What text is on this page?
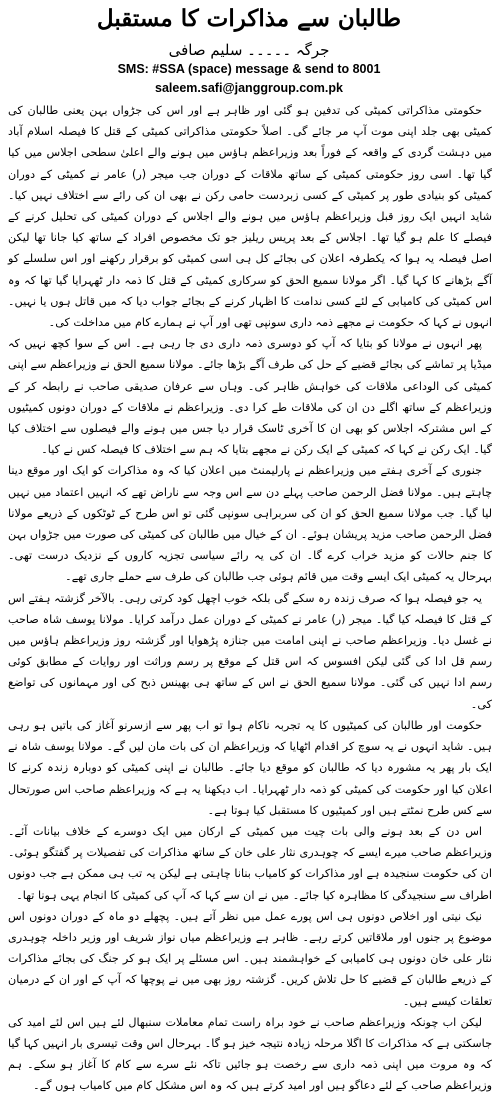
طالبان سے مذاکرات کا مستقبل
جرگہ ۔۔۔۔۔ سلیم صافی
SMS: #SSA (space) message & send to 8001
saleem.safi@janggroup.com.pk

حکومتی مذاکراتی کمیٹی کی تدفین ہو گئی اور ظاہر ہے اور اس کی جڑواں بہن یعنی طالبان کی کمیٹی بھی جلد اپنی موت آپ مر جائے گی۔ اصلاً حکومتی مذاکراتی کمیٹی کے قتل کا فیصلہ اسلام آباد میں دہشت گردی کے واقعہ کے فوراً بعد وزیراعظم ہاؤس میں ہونے والے اعلیٰ سطحی اجلاس میں کیا گیا تھا۔ اسی روز حکومتی کمیٹی کے ساتھ ملاقات کے دوران جب میجر (ر) عامر نے کمیٹی کے دوران کمیٹی کو بنیادی طور پر کمیٹی کے کسی زبردست حامی رکن نے بھی ان کی رائے سے اختلاف نہیں کیا۔ شاید انہیں ایک روز قبل وزیراعظم ہاؤس میں ہونے والے اجلاس کے دوران کمیٹی کی تحلیل کرنے کے فیصلے کا علم ہو گیا تھا۔ اجلاس کے بعد پریس ریلیز جو تک مخصوص افراد کے ساتھ کیا جانا تھا لیکن اصل فیصلہ یہ ہوا کہ یکطرفہ اعلان کی بجائے کل ہی اسی کمیٹی کو برقرار رکھنے اور اس سلسلے کو آگے بڑھانے کا کہا گیا۔ اگر مولانا سمیع الحق کو سرکاری کمیٹی کے قتل کا ذمہ دار ٹھہرایا گیا تھا کہ وہ اس کمیٹی کی کامیابی کے لئے کسی ندامت کا اظہار کرنے کے بجائے جواب دیا کہ میں قاتل ہوں یا نہیں۔ انہوں نے کہا کہ حکومت نے مجھے ذمہ داری سونپی تھی اور آپ نے ہمارے کام میں مداخلت کی۔

پھر انہوں نے مولانا کو بتایا کہ آپ کو دوسری ذمہ داری دی جا رہی ہے۔ اس کے سوا کچھ نہیں کہ میڈیا پر تماشے کی بجائے قضیے کے حل کی طرف آگے بڑھا جائے۔ مولانا سمیع الحق نے وزیراعظم سے اپنی کمیٹی کی الوداعی ملاقات کی خواہش ظاہر کی۔ وہاں سے عرفان صدیقی صاحب نے رابطہ کر کے وزیراعظم کے ساتھ اگلے دن ان کی ملاقات طے کرا دی۔ وزیراعظم نے ملاقات کے دوران دونوں کمیٹیوں کے اس مشترکہ اجلاس کو بھی ان کا آخری ٹاسک قرار دیا جس میں ہونے والے فیصلوں سے اختلاف کیا گیا۔ ایک رکن نے کہا کہ کمیٹی کے ایک رکن نے مجھے بتایا کہ ہم سے اختلاف کا فیصلہ کس نے کیا۔

جنوری کے آخری ہفتے میں وزیراعظم نے پارلیمنٹ میں اعلان کیا کہ وہ مذاکرات کو ایک اور موقع دینا چاہتے ہیں۔ مولانا فضل الرحمن صاحب پہلے دن سے اس وجہ سے ناراض تھے کہ انہیں اعتماد میں نہیں لیا گیا۔ جب مولانا سمیع الحق کو ان کی سربراہی سونپی گئی تو اس طرح کے ٹوٹکوں کے ذریعے مولانا فضل الرحمن صاحب مزید پریشان ہوئے۔ ان کے خیال میں طالبان کی کمیٹی کی صورت میں جڑواں بہن کا جنم حالات کو مزید خراب کرے گا۔ ان کی یہ رائے سیاسی تجزیہ کاروں کے نزدیک درست تھی۔ بہرحال یہ کمیٹی ایک ایسے وقت میں قائم ہوئی جب طالبان کی طرف سے حملے جاری تھے۔

یہ جو فیصلہ ہوا کہ صرف زندہ رہ سکے گی بلکہ خوب اچھل کود کرتی رہی۔ بالآخر گزشتہ ہفتے اس کے قتل کا فیصلہ کیا گیا۔ میجر (ر) عامر نے کمیٹی کے دوران عمل درآمد کرایا۔ مولانا یوسف شاہ صاحب نے غسل دیا۔ وزیراعظم صاحب نے اپنی امامت میں جنازہ پڑھوایا اور گزشتہ روز وزیراعظم ہاؤس میں رسم قل ادا کی گئی لیکن افسوس کہ اس قتل کے موقع پر رسم وراثت اور روایات کے مطابق کوئی رسم ادا نہیں کی گئی۔ مولانا سمیع الحق نے اس کے ساتھ ہی بھینس ذبح کی اور مہمانوں کی تواضع کی۔

حکومت اور طالبان کی کمیٹیوں کا یہ تجربہ ناکام ہوا تو اب پھر سے ازسرنو آغاز کی باتیں ہو رہی ہیں۔ شاید انہوں نے یہ سوچ کر اقدام اٹھایا کہ وزیراعظم ان کی بات مان لیں گے۔ مولانا یوسف شاہ نے ایک بار پھر یہ مشورہ دیا کہ طالبان کو موقع دیا جائے۔ طالبان نے اپنی کمیٹی کو دوبارہ زندہ کرنے کا اعلان کیا اور حکومت کی کمیٹی کو ذمہ دار ٹھہرایا۔ اب دیکھنا یہ ہے کہ وزیراعظم صاحب اس صورتحال سے کس طرح نمٹتے ہیں اور کمیٹیوں کا مستقبل کیا ہوتا ہے۔

اس دن کے بعد ہونے والی بات چیت میں کمیٹی کے ارکان میں ایک دوسرے کے خلاف بیانات آئے۔ وزیراعظم صاحب میرے ایسے کہ چوہدری نثار علی خان کے ساتھ مذاکرات کی تفصیلات پر گفتگو ہوئی۔ ان کی حکومت سنجیدہ ہے اور مذاکرات کو کامیاب بنانا چاہتی ہے لیکن یہ تب ہی ممکن ہے جب دونوں اطراف سے سنجیدگی کا مظاہرہ کیا جائے۔ میں نے ان سے کہا کہ آپ کی کمیٹی کا انجام یہی ہونا تھا۔

نیک نیتی اور اخلاص دونوں ہی اس پورے عمل میں نظر آتے ہیں۔ پچھلے دو ماہ کے دوران دونوں اس موضوع پر جنوں اور ملاقاتیں کرتے رہے۔ ظاہر ہے وزیراعظم میاں نواز شریف اور وزیر داخلہ چوہدری نثار علی خان دونوں ہی کامیابی کے خواہشمند ہیں۔ اس مسئلے پر ایک ہو کر جنگ کی بجائے مذاکرات کے ذریعے طالبان کے قضیے کا حل تلاش کریں۔ گزشتہ روز بھی میں نے پوچھا کہ آپ کے اور ان کے درمیان تعلقات کیسے ہیں۔

لیکن اب چونکہ وزیراعظم صاحب نے خود براہ راست تمام معاملات سنبھال لئے ہیں اس لئے امید کی جاسکتی ہے کہ مذاکرات کا اگلا مرحلہ زیادہ نتیجہ خیز ہو گا۔ بہرحال اس وقت تیسری بار انہیں کہا گیا کہ وہ مروت میں اپنی ذمہ داری سے رخصت ہو جائیں تاکہ نئے سرے سے کام کا آغاز ہو سکے۔ ہم وزیراعظم صاحب کے لئے دعاگو ہیں اور امید کرتے ہیں کہ وہ اس مشکل کام میں کامیاب ہوں گے۔
